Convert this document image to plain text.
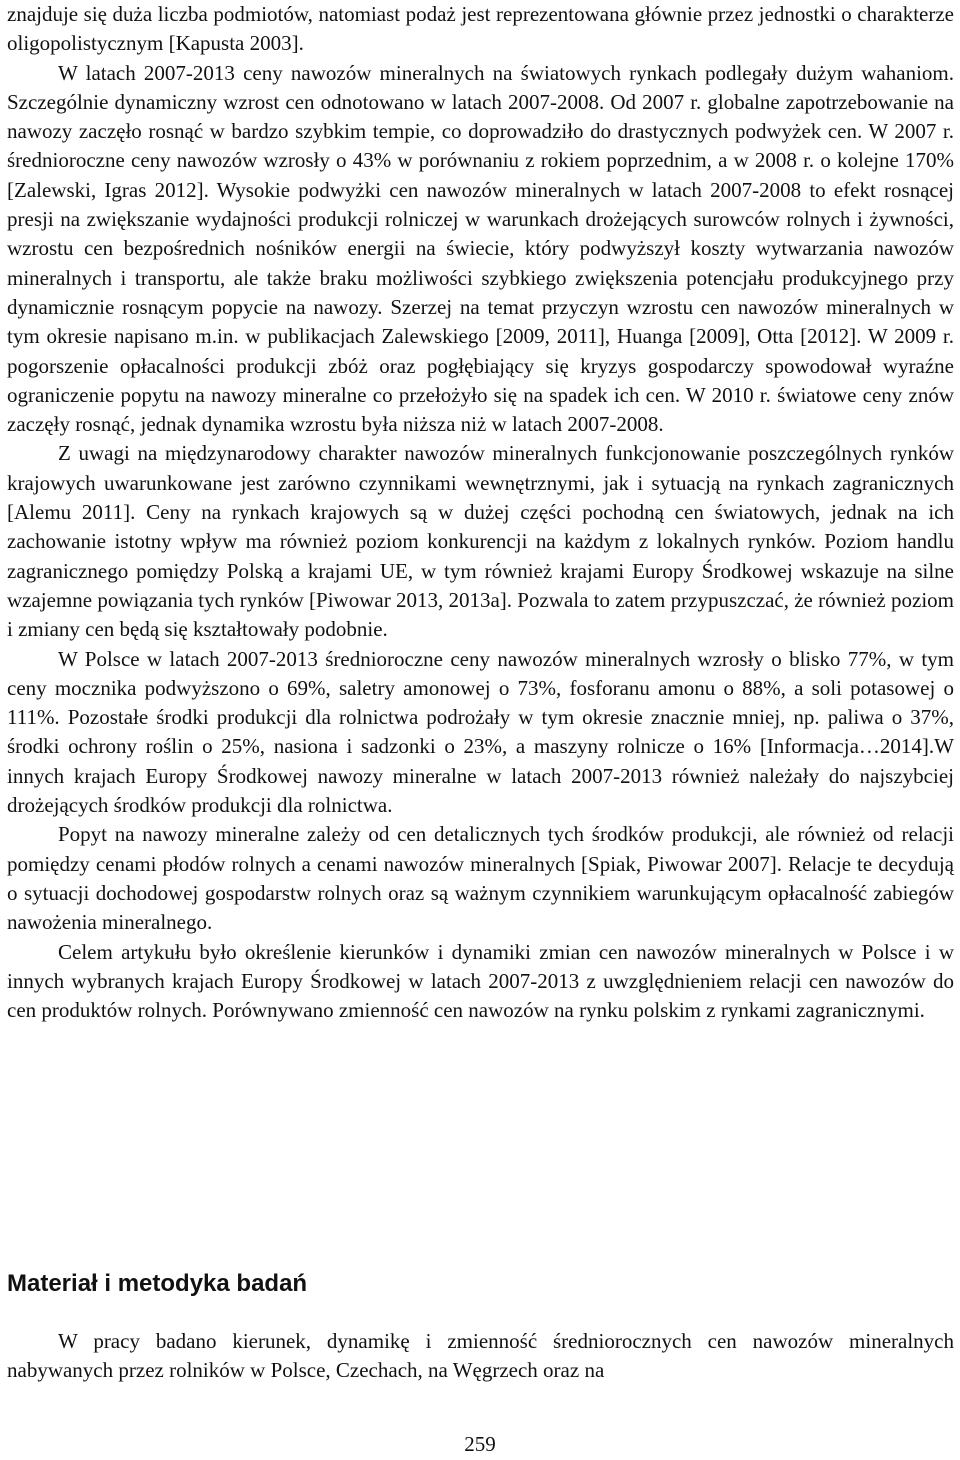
znajduje się duża liczba podmiotów, natomiast podaż jest reprezentowana głównie przez jednostki o charakterze oligopolistycznym [Kapusta 2003].

W latach 2007-2013 ceny nawozów mineralnych na światowych rynkach podlegały dużym wahaniom. Szczególnie dynamiczny wzrost cen odnotowano w latach 2007-2008. Od 2007 r. globalne zapotrzebowanie na nawozy zaczęło rosnąć w bardzo szybkim tempie, co doprowadziło do drastycznych podwyżek cen. W 2007 r. średnioroczne ceny nawozów wzrosły o 43% w porównaniu z rokiem poprzednim, a w 2008 r. o kolejne 170% [Zalewski, Igras 2012]. Wysokie podwyżki cen nawozów mineralnych w latach 2007-2008 to efekt rosnącej presji na zwiększanie wydajności produkcji rolniczej w warunkach drożejących surowców rolnych i żywności, wzrostu cen bezpośrednich nośników energii na świecie, który podwyższył koszty wytwarzania nawozów mineralnych i transportu, ale także braku możliwości szybkiego zwiększenia potencjału produkcyjnego przy dynamicznie rosnącym popycie na nawozy. Szerzej na temat przyczyn wzrostu cen nawozów mineralnych w tym okresie napisano m.in. w publikacjach Zalewskiego [2009, 2011], Huanga [2009], Otta [2012]. W 2009 r. pogorszenie opłacalności produkcji zbóż oraz pogłębiający się kryzys gospodarczy spowodował wyraźne ograniczenie popytu na nawozy mineralne co przełożyło się na spadek ich cen. W 2010 r. światowe ceny znów zaczęły rosnąć, jednak dynamika wzrostu była niższa niż w latach 2007-2008.

Z uwagi na międzynarodowy charakter nawozów mineralnych funkcjonowanie poszczególnych rynków krajowych uwarunkowane jest zarówno czynnikami wewnętrznymi, jak i sytuacją na rynkach zagranicznych [Alemu 2011]. Ceny na rynkach krajowych są w dużej części pochodną cen światowych, jednak na ich zachowanie istotny wpływ ma również poziom konkurencji na każdym z lokalnych rynków. Poziom handlu zagranicznego pomiędzy Polską a krajami UE, w tym również krajami Europy Środkowej wskazuje na silne wzajemne powiązania tych rynków [Piwowar 2013, 2013a]. Pozwala to zatem przypuszczać, że również poziom i zmiany cen będą się kształtowały podobnie.

W Polsce w latach 2007-2013 średnioroczne ceny nawozów mineralnych wzrosły o blisko 77%, w tym ceny mocznika podwyższono o 69%, saletry amonowej o 73%, fosforanu amonu o 88%, a soli potasowej o 111%. Pozostałe środki produkcji dla rolnictwa podrożały w tym okresie znacznie mniej, np. paliwa o 37%, środki ochrony roślin o 25%, nasiona i sadzonki o 23%, a maszyny rolnicze o 16% [Informacja…2014].W innych krajach Europy Środkowej nawozy mineralne w latach 2007-2013 również należały do najszybciej drożejących środków produkcji dla rolnictwa.

Popyt na nawozy mineralne zależy od cen detalicznych tych środków produkcji, ale również od relacji pomiędzy cenami płodów rolnych a cenami nawozów mineralnych [Spiak, Piwowar 2007]. Relacje te decydują o sytuacji dochodowej gospodarstw rolnych oraz są ważnym czynnikiem warunkującym opłacalność zabiegów nawożenia mineralnego.

Celem artykułu było określenie kierunków i dynamiki zmian cen nawozów mineralnych w Polsce i w innych wybranych krajach Europy Środkowej w latach 2007-2013 z uwzględnieniem relacji cen nawozów do cen produktów rolnych. Porównywano zmienność cen nawozów na rynku polskim z rynkami zagranicznymi.

Materiał i metodyka badań

W pracy badano kierunek, dynamikę i zmienność średniorocznych cen nawozów mineralnych nabywanych przez rolników w Polsce, Czechach, na Węgrzech oraz na

259
